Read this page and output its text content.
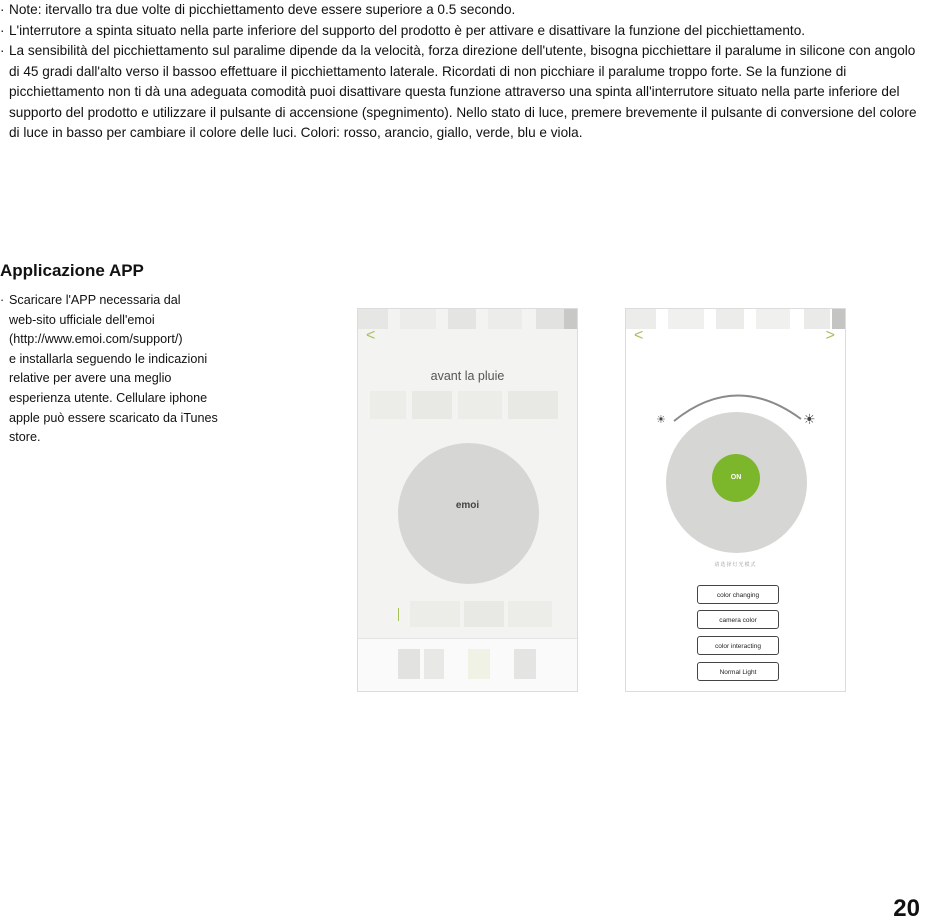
· Note: itervallo tra due volte di picchiettamento deve essere superiore a 0.5 secondo.
· L'interrutore a spinta situato nella parte inferiore del supporto del prodotto è per attivare e disattivare la funzione del picchiettamento.
· La sensibilità del picchiettamento sul paralime dipende da la velocità, forza direzione dell'utente, bisogna picchiettare il paralume in silicone con angolo di 45 gradi dall'alto verso il bassoo effettuare il picchiettamento laterale. Ricordati di non picchiare il paralume troppo forte. Se la funzione di picchiettamento non ti dà una adeguata comodità puoi disattivare questa funzione attraverso una spinta all'interrutore situato nella parte inferiore del supporto del prodotto e utilizzare il pulsante di accensione (spegnimento). Nello stato di luce, premere brevemente il pulsante di conversione del colore di luce in basso per cambiare il colore delle luci. Colori: rosso, arancio, giallo, verde, blu e viola.
Applicazione APP

· Scaricare l'APP necessaria dal
web-sito ufficiale dell'emoi
(http://www.emoi.com/support/)
e installarla seguendo le indicazioni
relative per avere una meglio
esperienza utente. Cellulare iphone
apple può essere scaricato da iTunes
store.

<
avant la pluie
emoi
<	>
☀	☀
ON
请选择灯光模式
color changing
camera color
color interacting
Normal Light
20
